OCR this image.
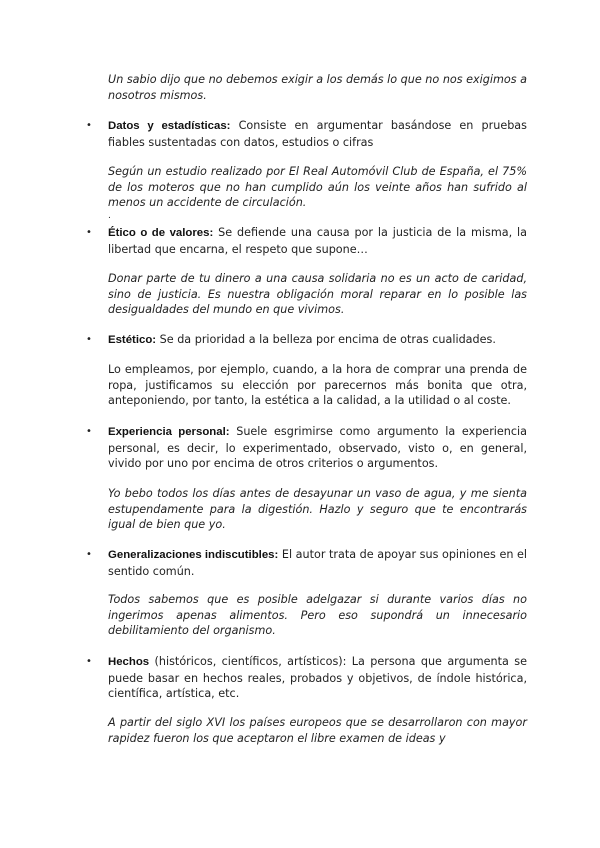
Un sabio dijo que no debemos exigir a los demás lo que no nos exigimos a nosotros mismos.

• Datos y estadísticas: Consiste en argumentar basándose en pruebas fiables sustentadas con datos, estudios o cifras

Según un estudio realizado por El Real Automóvil Club de España, el 75% de los moteros que no han cumplido aún los veinte años han sufrido al menos un accidente de circulación.

.
• Ético o de valores: Se defiende una causa por la justicia de la misma, la libertad que encarna, el respeto que supone…

Donar parte de tu dinero a una causa solidaria no es un acto de caridad, sino de justicia. Es nuestra obligación moral reparar en lo posible las desigualdades del mundo en que vivimos.

• Estético: Se da prioridad a la belleza por encima de otras cualidades.

Lo empleamos, por ejemplo, cuando, a la hora de comprar una prenda de ropa, justificamos su elección por parecernos más bonita que otra, anteponiendo, por tanto, la estética a la calidad, a la utilidad o al coste.

• Experiencia personal: Suele esgrimirse como argumento la experiencia personal, es decir, lo experimentado, observado, visto o, en general, vivido por uno por encima de otros criterios o argumentos.

Yo bebo todos los días antes de desayunar un vaso de agua, y me sienta estupendamente para la digestión. Hazlo y seguro que te encontrarás igual de bien que yo.

• Generalizaciones indiscutibles: El autor trata de apoyar sus opiniones en el sentido común.

Todos sabemos que es posible adelgazar si durante varios días no ingerimos apenas alimentos. Pero eso supondrá un innecesario debilitamiento del organismo.

• Hechos (históricos, científicos, artísticos): La persona que argumenta se puede basar en hechos reales, probados y objetivos, de índole histórica, científica, artística, etc.

A partir del siglo XVI los países europeos que se desarrollaron con mayor rapidez fueron los que aceptaron el libre examen de ideas y
